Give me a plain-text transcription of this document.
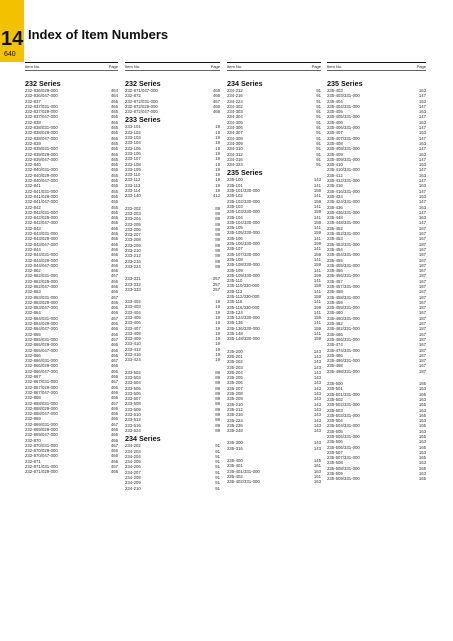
14
640
Index of Item Numbers
Item No.	Page
232 Series
232-836/029-000	464
232-836/047-000	464
232-837	465
232-837/031-000	465
232-837/029-000	465
232-837/047-000	465
232-838	465
232-838/031-000	465
232-838/029-000	465
232-838/047-000	465
232-839	465
232-839/031-000	465
232-839/029-000	465
232-839/047-000	465
232-840	465
232-840/031-000	465
232-840/029-000	465
232-840/047-000	465
232-841	465
232-841/031-000	465
232-841/029-000	465
232-841/047-000	465
232-842	465
232-842/031-000	465
232-842/029-000	465
232-842/047-000	465
232-843	465
232-843/031-000	465
232-843/029-000	465
232-843/047-000	465
232-844	466
232-844/031-000	466
232-844/029-000	466
232-844/047-000	466
232-862	466
232-862/031-000	467
232-862/029-000	466
232-862/047-000	466
232-863	466
232-863/031-000	467
232-863/029-000	466
232-863/047-000	466
232-864	466
232-864/031-000	467
232-864/029-000	466
232-864/047-000	466
232-865	466
232-865/031-000	467
232-865/029-000	466
232-865/047-000	466
232-866	466
232-866/031-000	467
232-866/029-000	466
232-866/047-000	466
232-867	466
232-867/031-000	467
232-867/029-000	466
232-867/047-000	466
232-868	466
232-868/031-000	467
232-868/029-000	466
232-868/047-000	466
232-869	466
232-869/031-000	467
232-869/029-000	466
232-869/047-000	466
232-870	466
232-870/031-000	467
232-870/029-000	466
232-870/047-000	466
232-871	466
232-871/031-000	467
232-871/029-000	466
Item No.	Page
232 Series
232-871/047-000	468
232-872	466
232-872/031-000	467
232-872/029-000	466
232-872/047-000	468
233 Series
233-101	19
233-102	19
233-103	19
233-104	19
233-105	19
233-106	19
233-107	19
233-108	19
233-109	19
233-110	19
233-112	19
233-113	19
233-114	19
233-140	412
233-202	89
233-203	89
233-204	89
233-205	89
233-206	89
233-207	89
233-208	89
233-209	89
233-210	89
233-212	89
233-216	89
233-224	89
233-331	257
233-332	257
233-333	257
233-402	19
233-403	19
233-404	19
233-405	19
233-406	19
233-407	19
233-408	19
233-409	19
233-410	19
233-412	19
233-416	19
233-424	19
233-502	89
233-503	89
233-504	89
233-505	89
233-506	89
233-507	89
233-508	89
233-509	89
233-510	89
233-512	89
233-516	89
233-524	89
234 Series
234-202	91
234-203	91
234-204	91
234-205	91
234-206	91
234-207	91
234-208	91
234-209	91
234-210	91
Item No.	Page
234 Series
234-212	91
234-216	91
234-224	91
234-302	91
234-303	91
234-304	91
234-305	91
234-306	91
234-307	91
234-308	91
234-309	91
234-310	91
234-312	91
234-316	91
234-324	91
235 Series
235-100	143
235-101	141
235-101/330-000	159
235-102	141
235-102/330-000	159
235-103	141
235-103/330-000	159
235-104	141
235-104/330-000	159
235-105	141
235-105/330-000	159
235-106	141
235-106/330-000	159
235-107	141
235-107/330-000	159
235-108	141
235-108/330-000	159
235-109	141
235-109/330-000	159
235-110	141
235-110/330-000	159
235-112	141
235-112/330-000	159
235-116	141
235-116/330-000	159
235-124	141
235-124/330-000	159
235-136	141
235-136/330-000	159
235-148	141
235-148/330-000	159
235-200	143
235-201	143
235-202	143
235-203	143
235-204	143
235-205	143
235-206	143
235-207	143
235-208	143
235-209	143
235-210	143
235-212	143
235-216	143
235-224	143
235-236	143
235-248	143
235-300	143
235-316	143
235-400	145
235-401	161
235-401/331-000	163
235-402	161
235-402/331-000	163
Item No.	Page
235 Series
235-403	163
235-403/331-000	147
235-404	163
235-404/331-000	147
235-405	163
235-405/331-000	147
235-406	163
235-406/331-000	147
235-407	163
235-407/331-000	147
235-408	163
235-408/331-000	147
235-409	163
235-409/331-000	147
235-410	163
235-410/331-000	147
235-412	163
235-412/331-000	147
235-416	163
235-416/331-000	147
235-424	163
235-424/331-000	147
235-436	163
235-436/331-000	147
235-448	163
235-448/331-000	147
235-452	167
235-452/331-000	167
235-453	167
235-453/331-000	187
235-454	167
235-454/331-000	187
235-455	167
235-455/331-000	187
235-456	167
235-456/331-000	187
235-457	167
235-457/331-000	187
235-458	167
235-458/331-000	187
235-459	167
235-459/331-000	187
235-460	167
235-460/331-000	187
235-462	167
235-462/331-000	187
235-466	167
235-466/331-000	187
235-474	167
235-474/331-000	187
235-486	167
235-486/331-000	187
235-498	167
235-498/331-000	187
235-500	165
235-501	163
235-501/331-000	165
235-502	163
235-502/331-000	165
235-503	163
235-503/331-000	165
235-504	163
235-504/331-000	165
235-505	163
235-505/331-000	165
235-506	163
235-506/331-000	165
235-507	163
235-507/331-000	165
235-508	163
235-508/331-000	165
235-509	163
235-509/331-000	165
